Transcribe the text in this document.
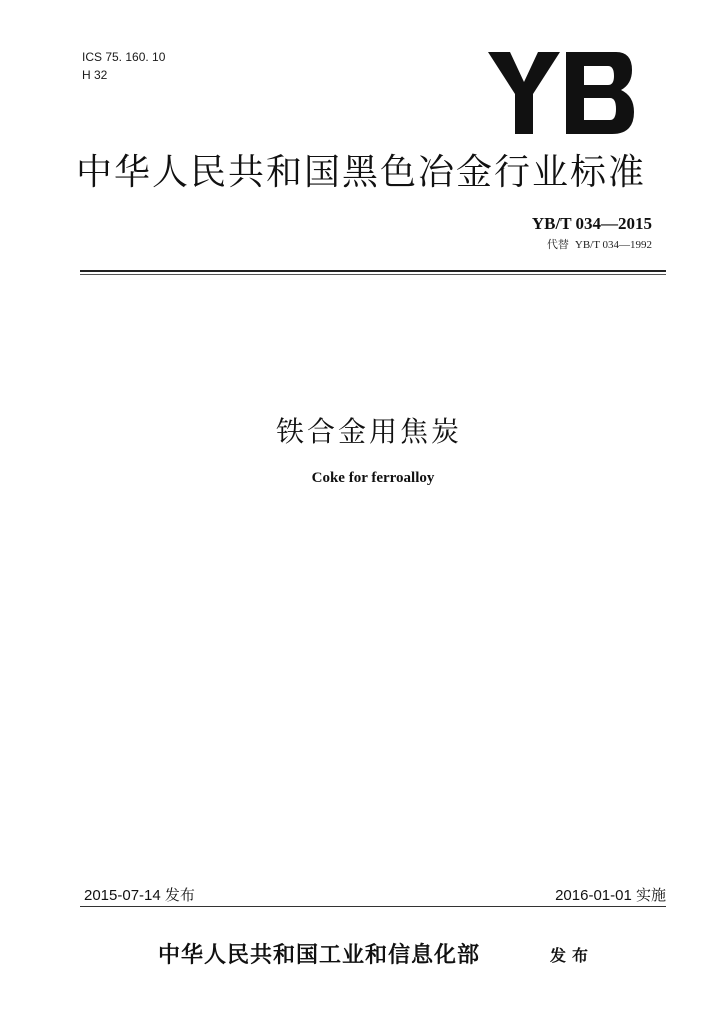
ICS 75. 160. 10
H 32
中华人民共和国黑色冶金行业标准
YB/T 034—2015
代替 YB/T 034—1992
铁合金用焦炭
Coke for ferroalloy
2015-07-14 发布	2016-01-01 实施
中华人民共和国工业和信息化部	发布
